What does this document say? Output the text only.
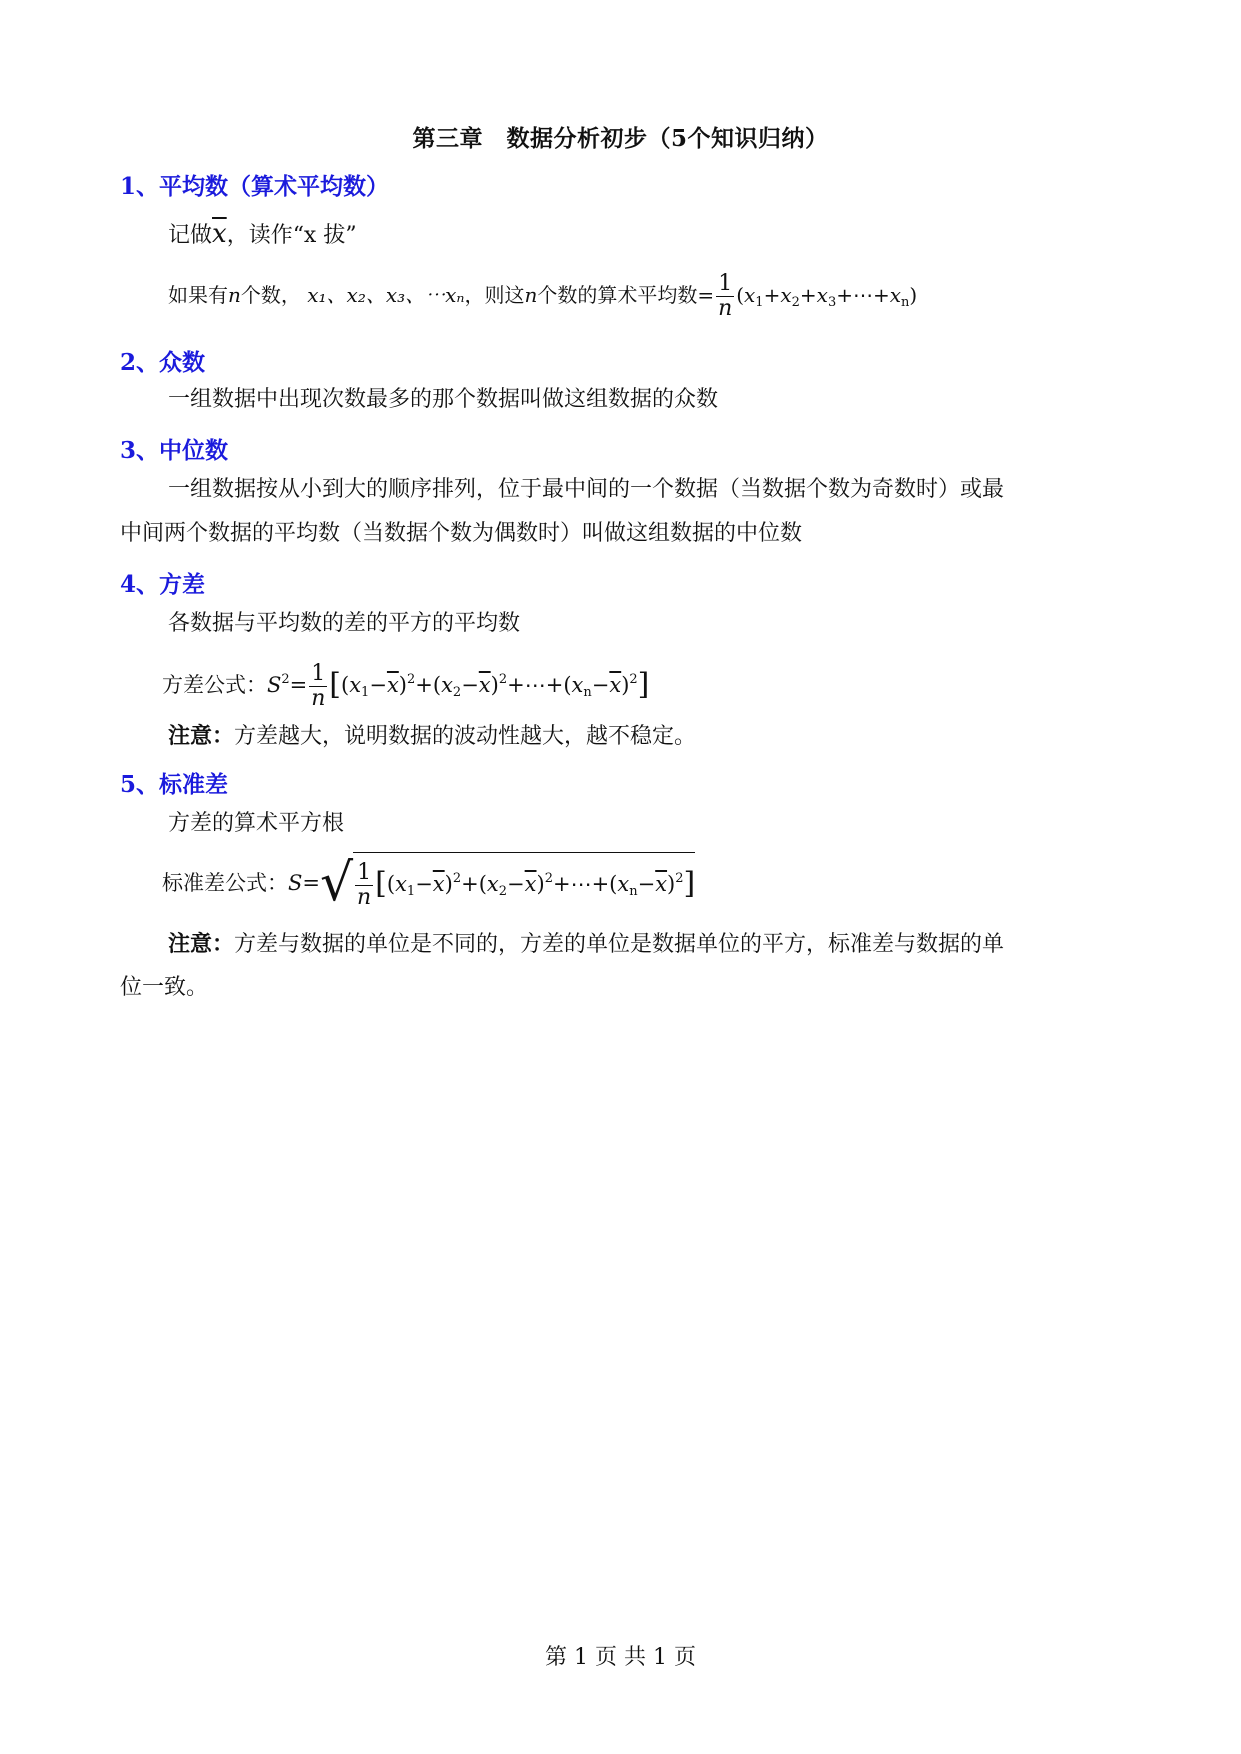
第三章　数据分析初步（5个知识归纳）
1、平均数（算术平均数）
记做$\overline{x}$，读作“x 拔”
如果有n个数， x₁、x₂、x₃、⋯xₙ，则这n个数的算术平均数= $\frac{1}{n}$ $(x_1+x_2+x_3+\cdots+x_n)$
2、众数
一组数据中出现次数最多的那个数据叫做这组数据的众数
3、中位数
一组数据按从小到大的顺序排列，位于最中间的一个数据（当数据个数为奇数时）或最
中间两个数据的平均数（当数据个数为偶数时）叫做这组数据的中位数
4、方差
各数据与平均数的差的平方的平均数
方差公式：$S^2= \frac{1}{n}$ $[(x_1-\overline{x})^2+(x_2-\overline{x})^2+\cdots+(x_n-\overline{x})^2]$
注意：方差越大，说明数据的波动性越大，越不稳定。
5、标准差
方差的算术平方根
标准差公式：$S=√ \frac{1}{n}$ $[(x_1-\overline{x})^2+(x_2-\overline{x})^2+\cdots+(x_n-\overline{x})^2]$
注意：方差与数据的单位是不同的，方差的单位是数据单位的平方，标准差与数据的单
位一致。
第 1 页 共 1 页
